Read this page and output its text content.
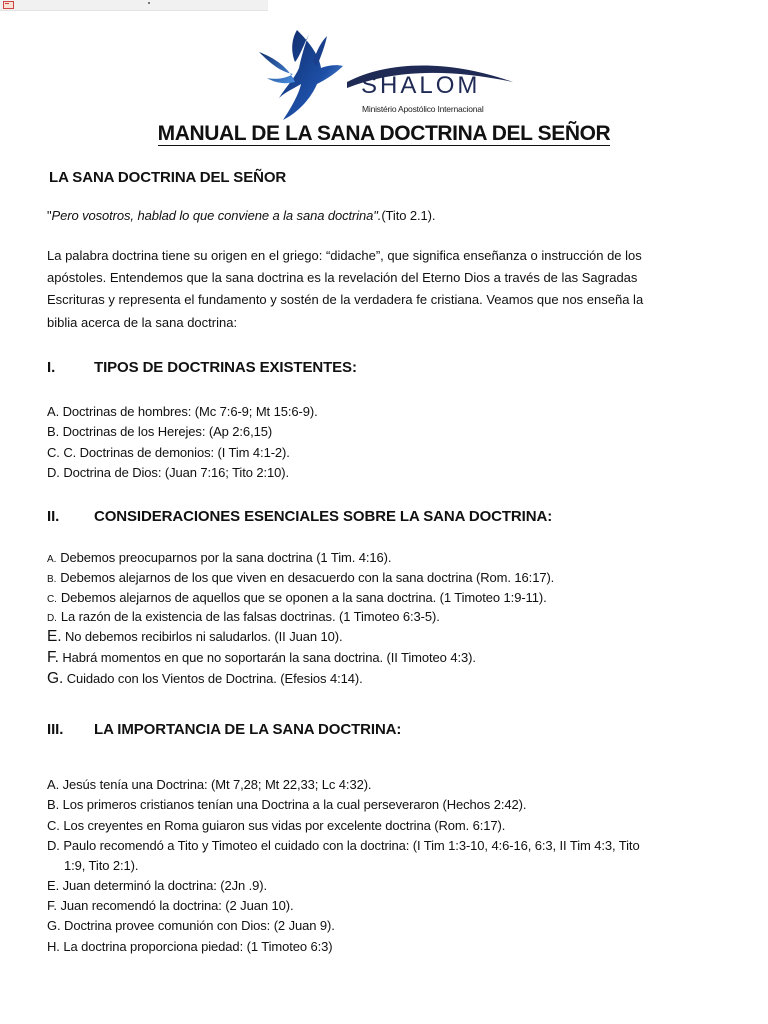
SHALOM
Ministério Apostólico Internacional
MANUAL DE LA SANA DOCTRINA DEL SEÑOR
LA SANA DOCTRINA DEL SEÑOR
"Pero vosotros, hablad lo que conviene a la sana doctrina".(Tito 2.1).
La palabra doctrina tiene su origen en el griego: “didache”, que significa enseñanza o instrucción de los
apóstoles. Entendemos que la sana doctrina es la revelación del Eterno Dios a través de las Sagradas
Escrituras y representa el fundamento y sostén de la verdadera fe cristiana. Veamos que nos enseña la
biblia acerca de la sana doctrina:
I.	TIPOS DE DOCTRINAS EXISTENTES:
A. Doctrinas de hombres: (Mc 7:6-9; Mt 15:6-9).
B. Doctrinas de los Herejes: (Ap 2:6,15)
C. C. Doctrinas de demonios: (I Tim 4:1-2).
D. Doctrina de Dios: (Juan 7:16; Tito 2:10).
II. CONSIDERACIONES ESENCIALES SOBRE LA SANA DOCTRINA:
A. Debemos preocuparnos por la sana doctrina (1 Tim. 4:16).
B. Debemos alejarnos de los que viven en desacuerdo con la sana doctrina (Rom. 16:17).
C. Debemos alejarnos de aquellos que se oponen a la sana doctrina. (1 Timoteo 1:9-11).
D. La razón de la existencia de las falsas doctrinas. (1 Timoteo 6:3-5).
E. No debemos recibirlos ni saludarlos. (II Juan 10).
F. Habrá momentos en que no soportarán la sana doctrina. (II Timoteo 4:3).
G. Cuidado con los Vientos de Doctrina. (Efesios 4:14).
III. LA IMPORTANCIA DE LA SANA DOCTRINA:
A. Jesús tenía una Doctrina: (Mt 7,28; Mt 22,33; Lc 4:32).
B. Los primeros cristianos tenían una Doctrina a la cual perseveraron (Hechos 2:42).
C. Los creyentes en Roma guiaron sus vidas por excelente doctrina (Rom. 6:17).
D. Paulo recomendó a Tito y Timoteo el cuidado con la doctrina: (I Tim 1:3-10, 4:6-16, 6:3, II Tim 4:3, Tito
1:9, Tito 2:1).
E. Juan determinó la doctrina: (2Jn .9).
F. Juan recomendó la doctrina: (2 Juan 10).
G. Doctrina provee comunión con Dios: (2 Juan 9).
H. La doctrina proporciona piedad: (1 Timoteo 6:3)
